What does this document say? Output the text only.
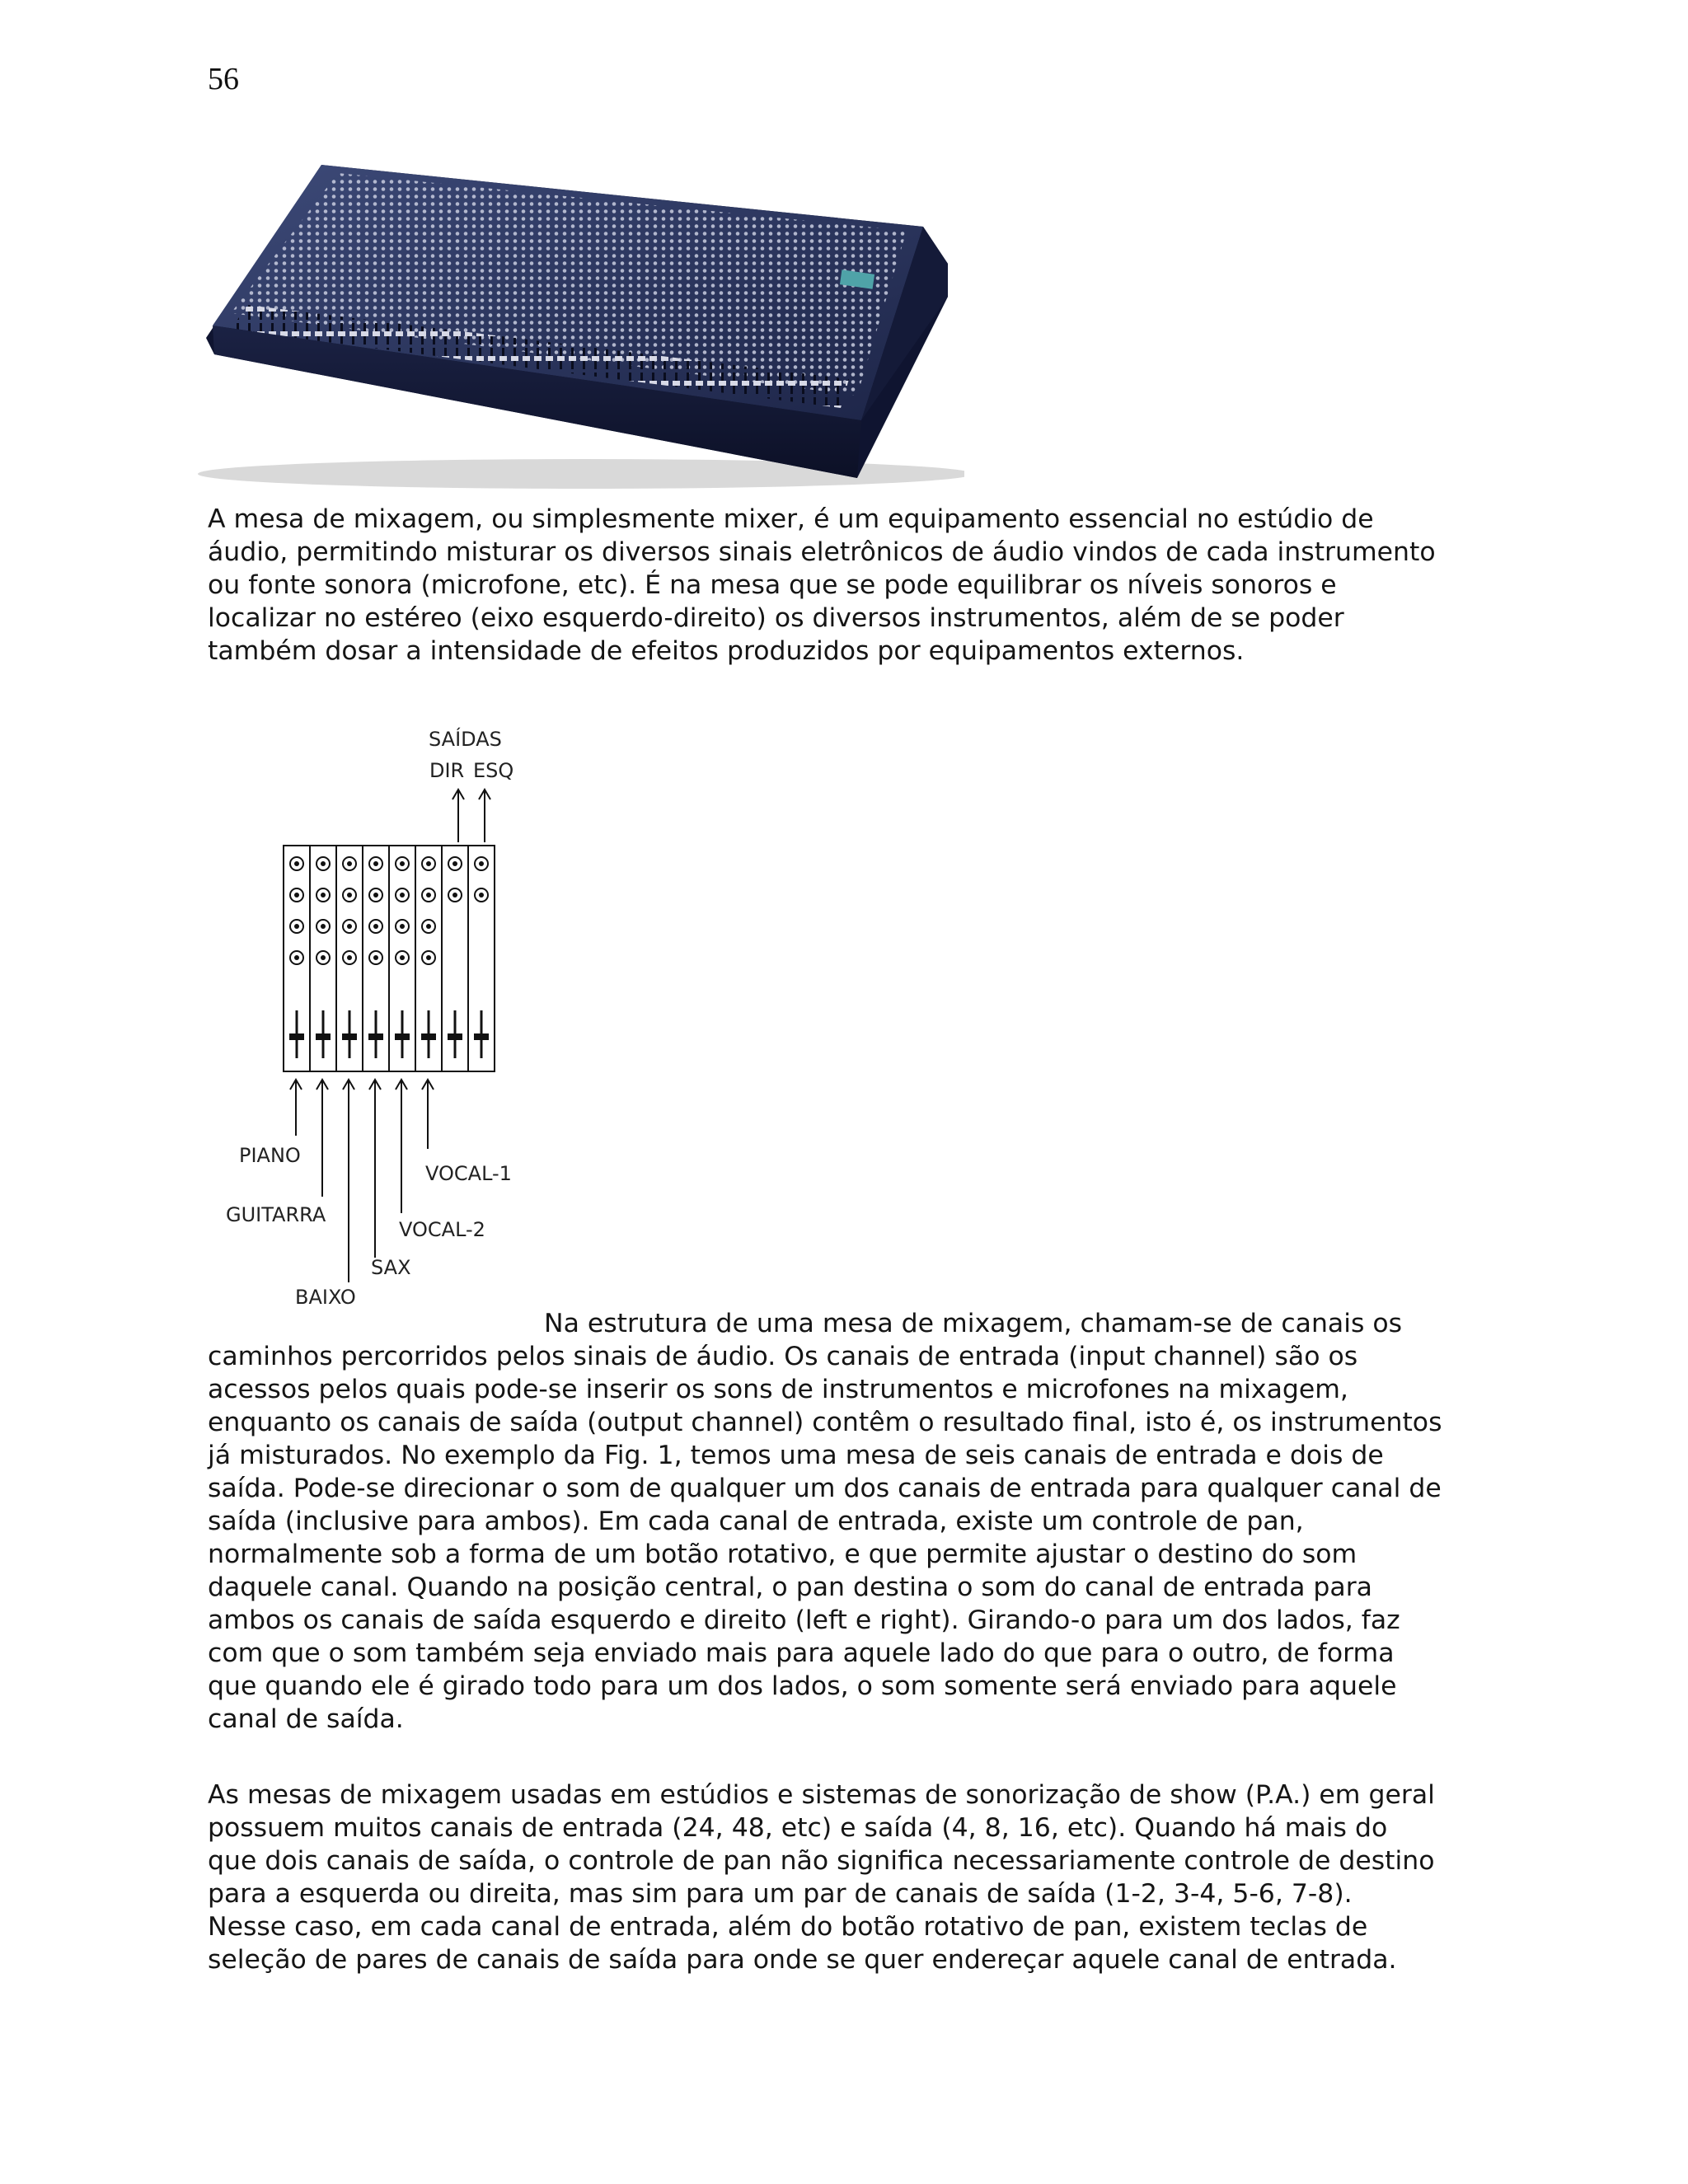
56

A mesa de mixagem, ou simplesmente mixer, é um equipamento essencial no estúdio de
áudio, permitindo misturar os diversos sinais eletrônicos de áudio vindos de cada instrumento
ou fonte sonora (microfone, etc). É na mesa que se pode equilibrar os níveis sonoros e
localizar no estéreo (eixo esquerdo-direito) os diversos instrumentos, além de se poder
também dosar a intensidade de efeitos produzidos por equipamentos externos.

SAÍDAS
DIR ESQ
PIANO
GUITARRA
BAIXO
SAX
VOCAL-2
VOCAL-1

Na estrutura de uma mesa de mixagem, chamam-se de canais os
caminhos percorridos pelos sinais de áudio. Os canais de entrada (input channel) são os
acessos pelos quais pode-se inserir os sons de instrumentos e microfones na mixagem,
enquanto os canais de saída (output channel) contêm o resultado final, isto é, os instrumentos
já misturados. No exemplo da Fig. 1, temos uma mesa de seis canais de entrada e dois de
saída. Pode-se direcionar o som de qualquer um dos canais de entrada para qualquer canal de
saída (inclusive para ambos). Em cada canal de entrada, existe um controle de pan,
normalmente sob a forma de um botão rotativo, e que permite ajustar o destino do som
daquele canal. Quando na posição central, o pan destina o som do canal de entrada para
ambos os canais de saída esquerdo e direito (left e right). Girando-o para um dos lados, faz
com que o som também seja enviado mais para aquele lado do que para o outro, de forma
que quando ele é girado todo para um dos lados, o som somente será enviado para aquele
canal de saída.

As mesas de mixagem usadas em estúdios e sistemas de sonorização de show (P.A.) em geral
possuem muitos canais de entrada (24, 48, etc) e saída (4, 8, 16, etc). Quando há mais do
que dois canais de saída, o controle de pan não significa necessariamente controle de destino
para a esquerda ou direita, mas sim para um par de canais de saída (1-2, 3-4, 5-6, 7-8).
Nesse caso, em cada canal de entrada, além do botão rotativo de pan, existem teclas de
seleção de pares de canais de saída para onde se quer endereçar aquele canal de entrada.
